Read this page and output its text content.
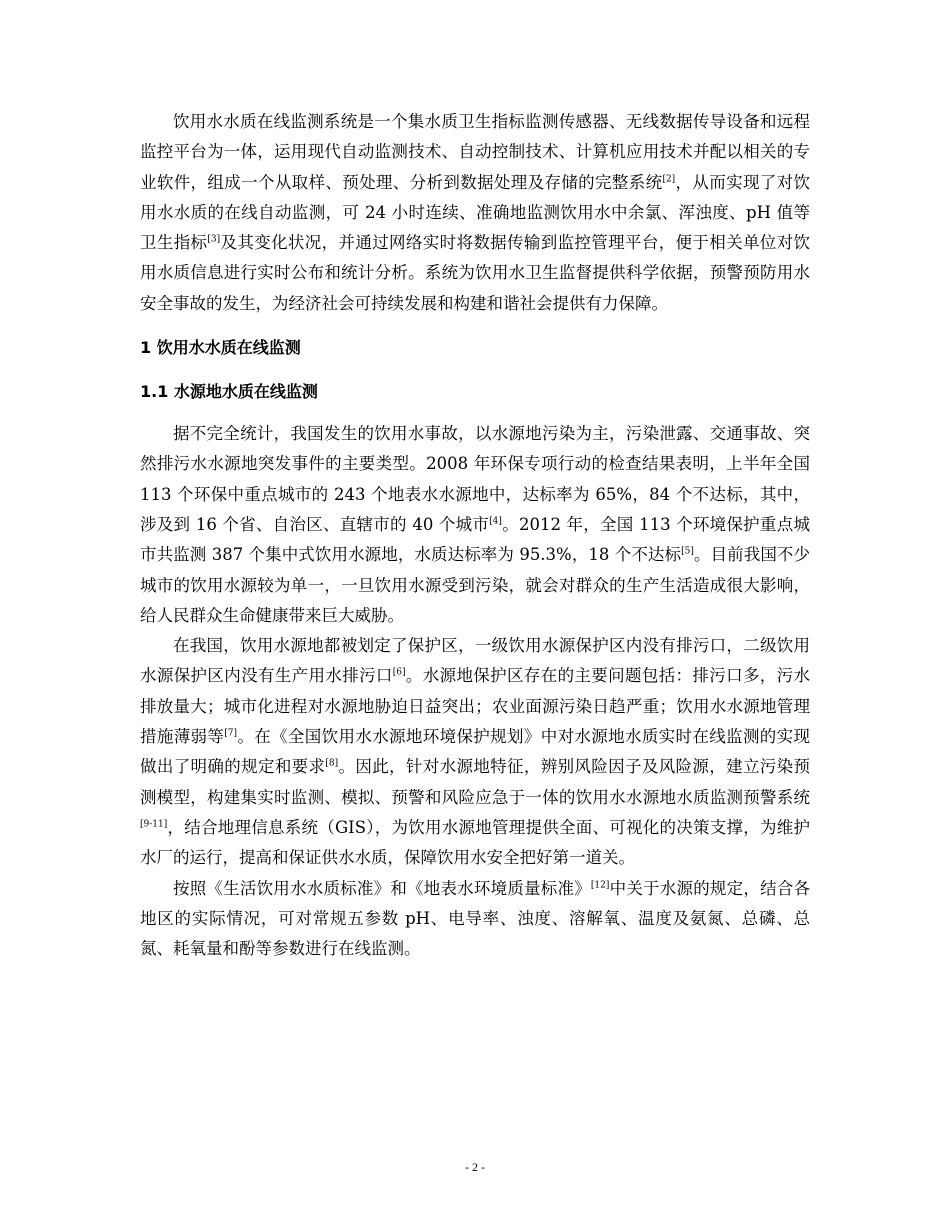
饮用水水质在线监测系统是一个集水质卫生指标监测传感器、无线数据传导设备和远程监控平台为一体，运用现代自动监测技术、自动控制技术、计算机应用技术并配以相关的专业软件，组成一个从取样、预处理、分析到数据处理及存储的完整系统[2]，从而实现了对饮用水水质的在线自动监测，可 24 小时连续、准确地监测饮用水中余氯、浑浊度、pH 值等卫生指标[3]及其变化状况，并通过网络实时将数据传输到监控管理平台，便于相关单位对饮用水质信息进行实时公布和统计分析。系统为饮用水卫生监督提供科学依据，预警预防用水安全事故的发生，为经济社会可持续发展和构建和谐社会提供有力保障。

1 饮用水水质在线监测

1.1 水源地水质在线监测

据不完全统计，我国发生的饮用水事故，以水源地污染为主，污染泄露、交通事故、突然排污水水源地突发事件的主要类型。2008 年环保专项行动的检查结果表明，上半年全国 113 个环保中重点城市的 243 个地表水水源地中，达标率为 65%，84 个不达标，其中，涉及到 16 个省、自治区、直辖市的 40 个城市[4]。2012 年，全国 113 个环境保护重点城市共监测 387 个集中式饮用水源地，水质达标率为 95.3%，18 个不达标[5]。目前我国不少城市的饮用水源较为单一，一旦饮用水源受到污染，就会对群众的生产生活造成很大影响，给人民群众生命健康带来巨大威胁。

在我国，饮用水源地都被划定了保护区，一级饮用水源保护区内没有排污口，二级饮用水源保护区内没有生产用水排污口[6]。水源地保护区存在的主要问题包括：排污口多，污水排放量大；城市化进程对水源地胁迫日益突出；农业面源污染日趋严重；饮用水水源地管理措施薄弱等[7]。在《全国饮用水水源地环境保护规划》中对水源地水质实时在线监测的实现做出了明确的规定和要求[8]。因此，针对水源地特征，辨别风险因子及风险源，建立污染预测模型，构建集实时监测、模拟、预警和风险应急于一体的饮用水水源地水质监测预警系统[9-11]，结合地理信息系统（GIS），为饮用水源地管理提供全面、可视化的决策支撑，为维护水厂的运行，提高和保证供水水质，保障饮用水安全把好第一道关。

按照《生活饮用水水质标准》和《地表水环境质量标准》[12]中关于水源的规定，结合各地区的实际情况，可对常规五参数 pH、电导率、浊度、溶解氧、温度及氨氮、总磷、总氮、耗氧量和酚等参数进行在线监测。

- 2 -
